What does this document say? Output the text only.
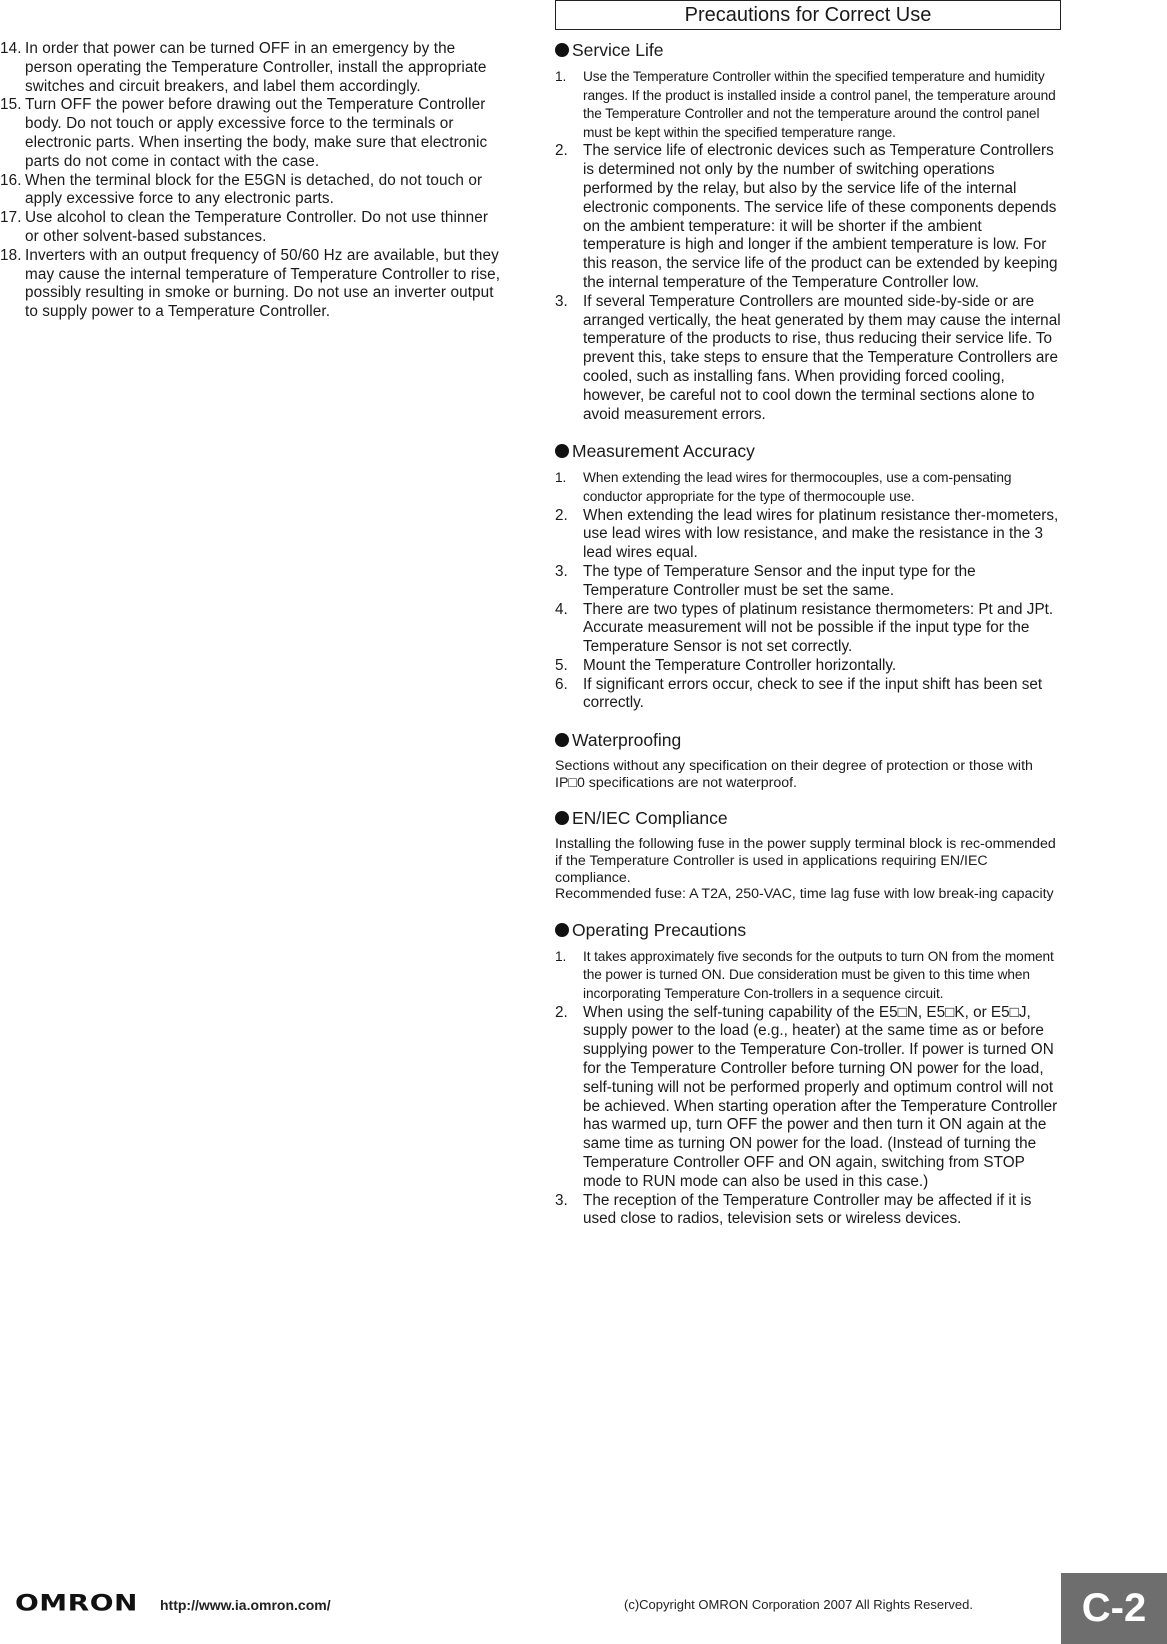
14. In order that power can be turned OFF in an emergency by the person operating the Temperature Controller, install the appropriate switches and circuit breakers, and label them accordingly.
15. Turn OFF the power before drawing out the Temperature Controller body. Do not touch or apply excessive force to the terminals or electronic parts. When inserting the body, make sure that electronic parts do not come in contact with the case.
16. When the terminal block for the E5GN is detached, do not touch or apply excessive force to any electronic parts.
17. Use alcohol to clean the Temperature Controller. Do not use thinner or other solvent-based substances.
18. Inverters with an output frequency of 50/60 Hz are available, but they may cause the internal temperature of Temperature Controller to rise, possibly resulting in smoke or burning. Do not use an inverter output to supply power to a Temperature Controller.
Precautions for Correct Use
Service Life
1. Use the Temperature Controller within the specified temperature and humidity ranges. If the product is installed inside a control panel, the temperature around the Temperature Controller and not the temperature around the control panel must be kept within the specified temperature range.
2. The service life of electronic devices such as Temperature Controllers is determined not only by the number of switching operations performed by the relay, but also by the service life of the internal electronic components. The service life of these components depends on the ambient temperature: it will be shorter if the ambient temperature is high and longer if the ambient temperature is low. For this reason, the service life of the product can be extended by keeping the internal temperature of the Temperature Controller low.
3. If several Temperature Controllers are mounted side-by-side or are arranged vertically, the heat generated by them may cause the internal temperature of the products to rise, thus reducing their service life. To prevent this, take steps to ensure that the Temperature Controllers are cooled, such as installing fans. When providing forced cooling, however, be careful not to cool down the terminal sections alone to avoid measurement errors.
Measurement Accuracy
1. When extending the lead wires for thermocouples, use a com-pensating conductor appropriate for the type of thermocouple use.
2. When extending the lead wires for platinum resistance ther-mometers, use lead wires with low resistance, and make the resistance in the 3 lead wires equal.
3. The type of Temperature Sensor and the input type for the Temperature Controller must be set the same.
4. There are two types of platinum resistance thermometers: Pt and JPt. Accurate measurement will not be possible if the input type for the Temperature Sensor is not set correctly.
5. Mount the Temperature Controller horizontally.
6. If significant errors occur, check to see if the input shift has been set correctly.
Waterproofing

Sections without any specification on their degree of protection or those with IP□0 specifications are not waterproof.

EN/IEC Compliance

Installing the following fuse in the power supply terminal block is rec-ommended if the Temperature Controller is used in applications requiring EN/IEC compliance.

Recommended fuse: A T2A, 250-VAC, time lag fuse with low break-ing capacity

Operating Precautions
1. It takes approximately five seconds for the outputs to turn ON from the moment the power is turned ON. Due consideration must be given to this time when incorporating Temperature Con-trollers in a sequence circuit.
2. When using the self-tuning capability of the E5□N, E5□K, or E5□J, supply power to the load (e.g., heater) at the same time as or before supplying power to the Temperature Con-troller. If power is turned ON for the Temperature Controller before turning ON power for the load, self-tuning will not be performed properly and optimum control will not be achieved. When starting operation after the Temperature Controller has warmed up, turn OFF the power and then turn it ON again at the same time as turning ON power for the load. (Instead of turning the Temperature Controller OFF and ON again, switching from STOP mode to RUN mode can also be used in this case.)
3. The reception of the Temperature Controller may be affected if it is used close to radios, television sets or wireless devices.
OMRON http://www.ia.omron.com/	(c)Copyright OMRON Corporation 2007 All Rights Reserved.	C-2
